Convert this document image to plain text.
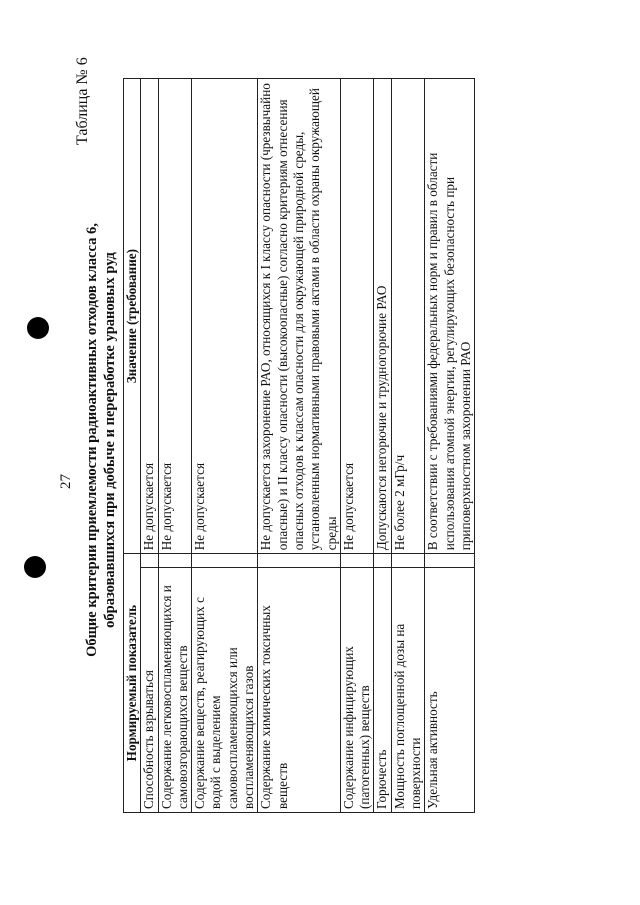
27
Таблица № 6
Общие критерии приемлемости радиоактивных отходов класса 6, образовавшихся при добыче и переработке урановых руд
Нормируемый показатель		Значение (требование)
Способность взрываться		Не допускается
Содержание легковоспламеняющихся и самовозгорающихся веществ		Не допускается
Содержание веществ, реагирующих с водой с выделением самовоспламеняющихся или воспламеняющихся газов		Не допускается
Содержание химических токсичных веществ		Не допускается захоронение РАО, относящихся к I классу опасности (чрезвычайно опасные) и II классу опасности (высокоопасные) согласно критериям отнесения опасных отходов к классам опасности для окружающей природной среды, установленным нормативными правовыми актами в области охраны окружающей среды
Содержание инфицирующих (патогенных) веществ		Не допускается
Горючесть		Допускаются негорючие и трудногорючие РАО
Мощность поглощенной дозы на поверхности		Не более 2 мГр/ч
Удельная активность		В соответствии с требованиями федеральных норм и правил в области использования атомной энергии, регулирующих безопасность при приповерхностном захоронении РАО
